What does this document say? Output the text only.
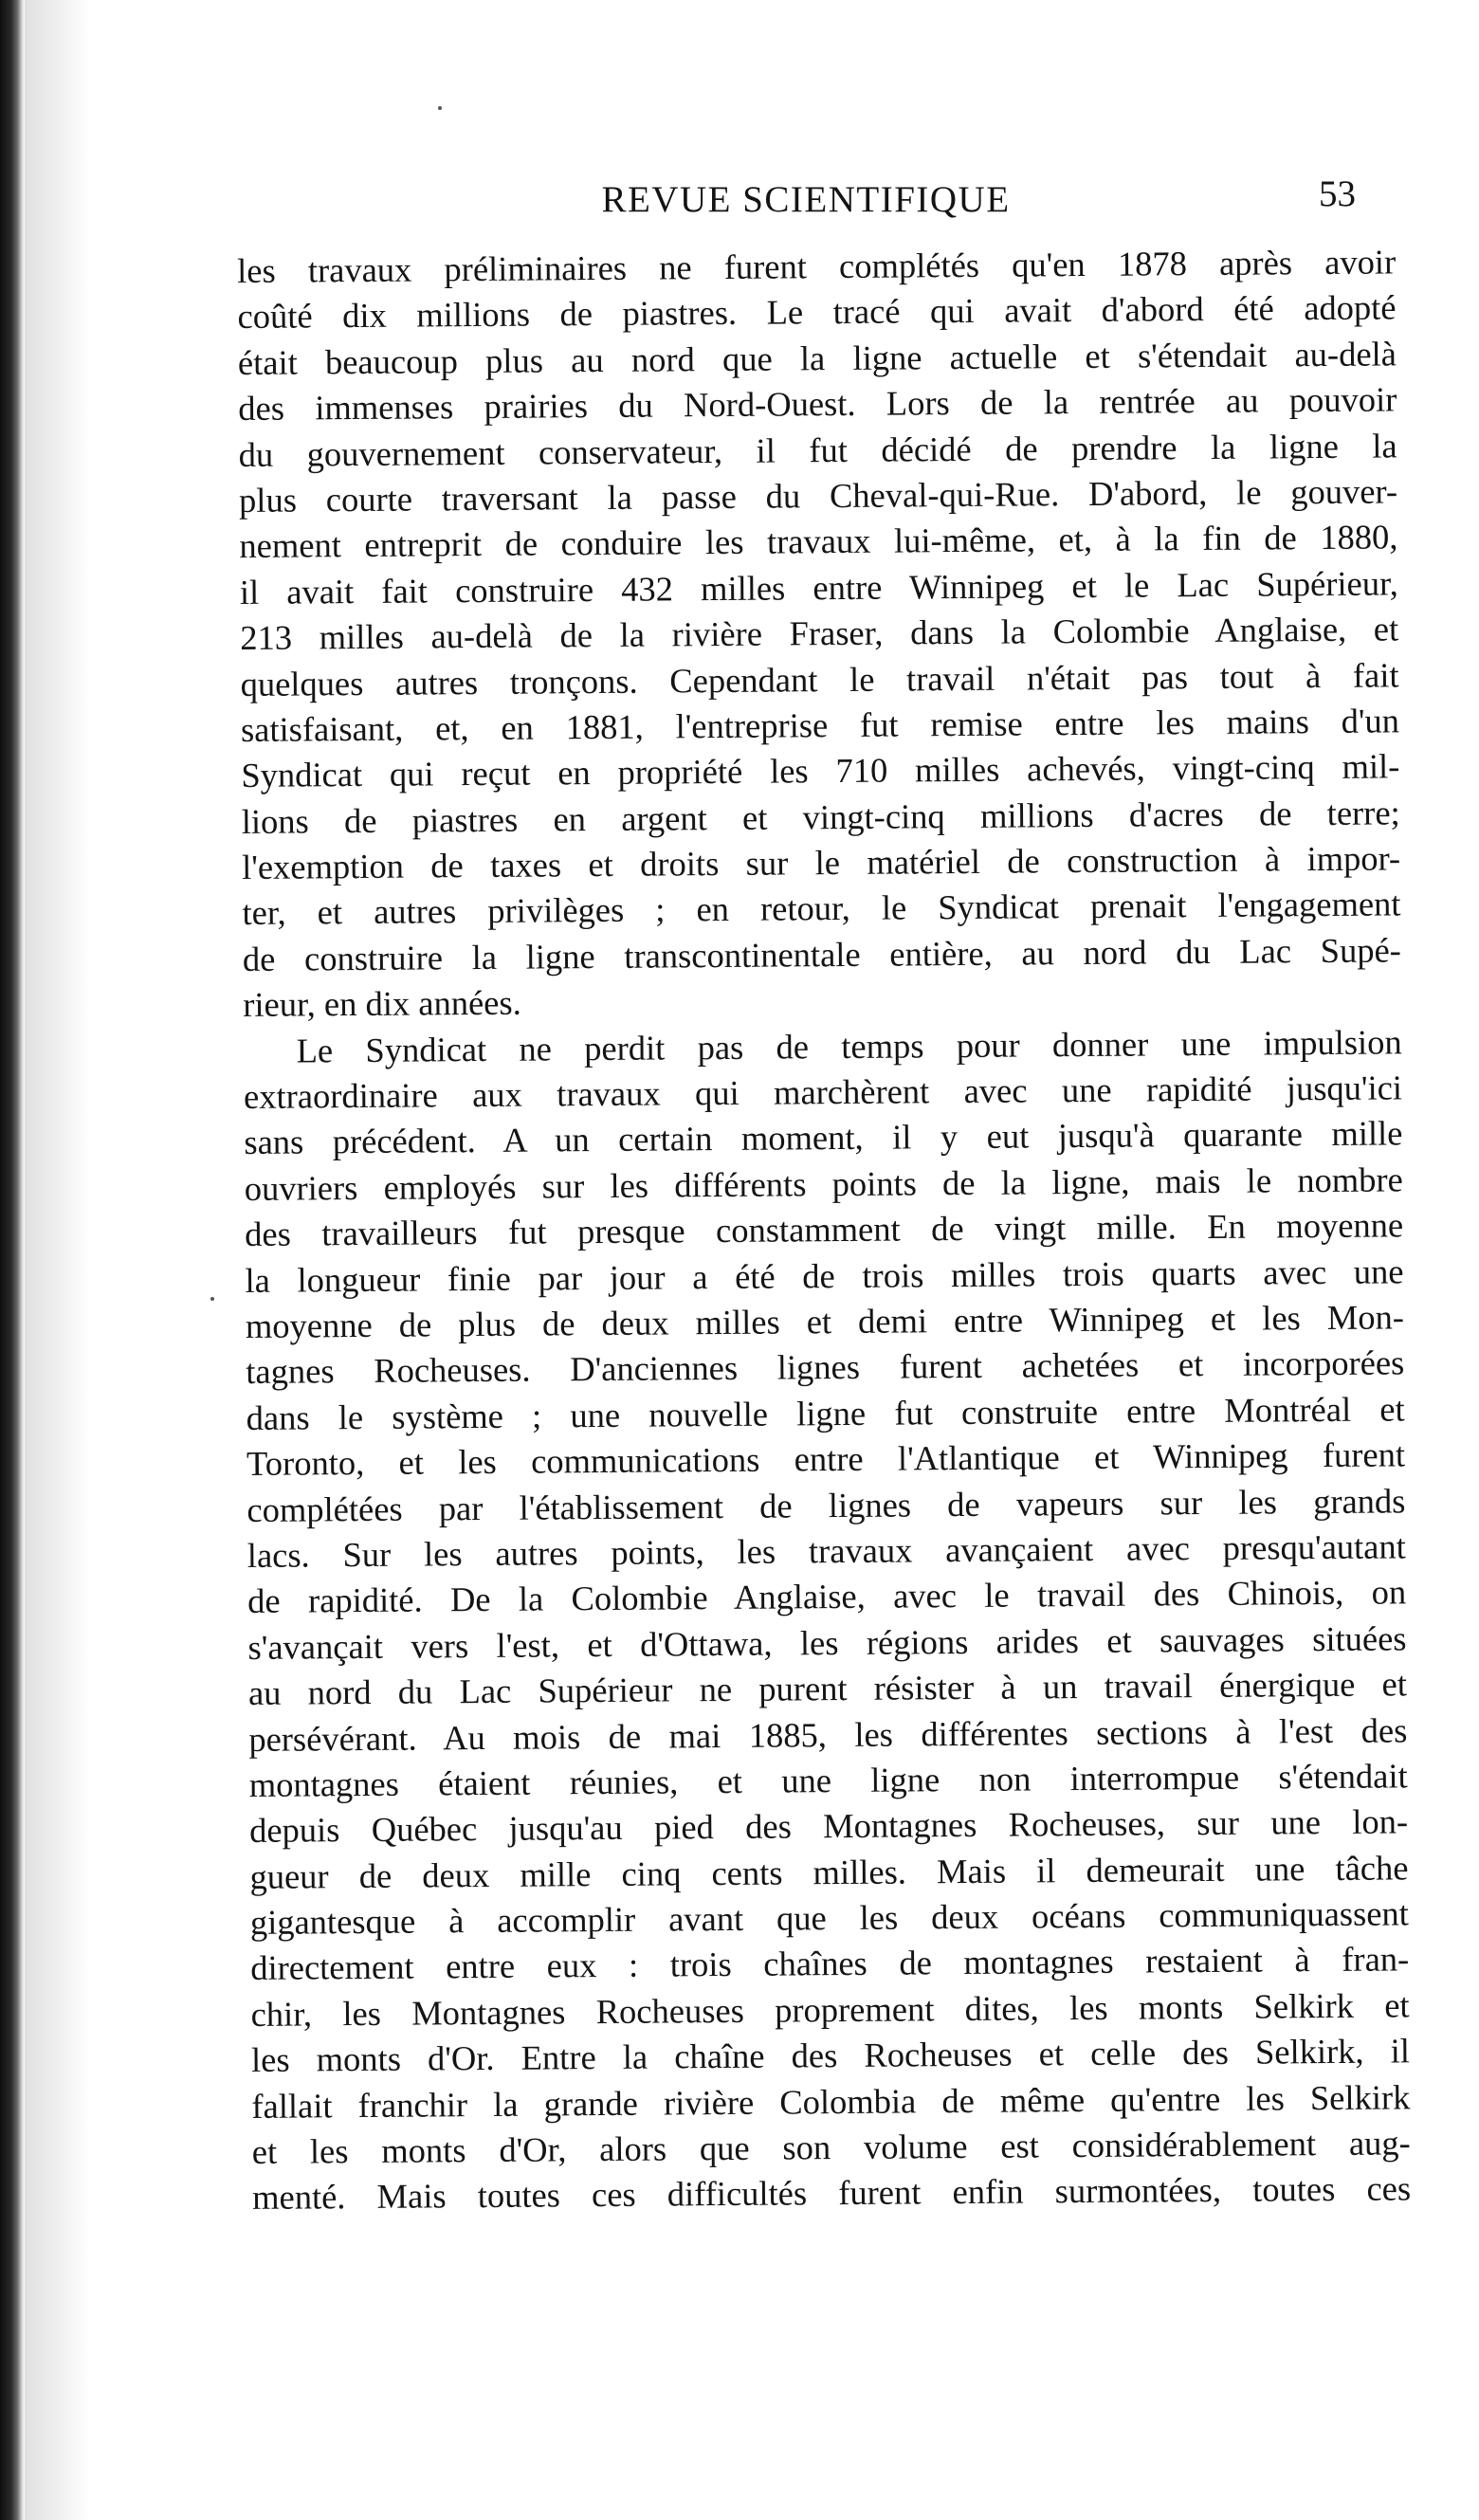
REVUE SCIENTIFIQUE	53
les travaux préliminaires ne furent complétés qu'en 1878 après avoir
coûté dix millions de piastres. Le tracé qui avait d'abord été adopté
était beaucoup plus au nord que la ligne actuelle et s'étendait au-delà
des immenses prairies du Nord-Ouest. Lors de la rentrée au pouvoir
du gouvernement conservateur, il fut décidé de prendre la ligne la
plus courte traversant la passe du Cheval-qui-Rue. D'abord, le gouver-
nement entreprit de conduire les travaux lui-même, et, à la fin de 1880,
il avait fait construire 432 milles entre Winnipeg et le Lac Supérieur,
213 milles au-delà de la rivière Fraser, dans la Colombie Anglaise, et
quelques autres tronçons. Cependant le travail n'était pas tout à fait
satisfaisant, et, en 1881, l'entreprise fut remise entre les mains d'un
Syndicat qui reçut en propriété les 710 milles achevés, vingt-cinq mil-
lions de piastres en argent et vingt-cinq millions d'acres de terre;
l'exemption de taxes et droits sur le matériel de construction à impor-
ter, et autres privilèges ; en retour, le Syndicat prenait l'engagement
de construire la ligne transcontinentale entière, au nord du Lac Supé-
rieur, en dix années.
Le Syndicat ne perdit pas de temps pour donner une impulsion
extraordinaire aux travaux qui marchèrent avec une rapidité jusqu'ici
sans précédent. A un certain moment, il y eut jusqu'à quarante mille
ouvriers employés sur les différents points de la ligne, mais le nombre
des travailleurs fut presque constamment de vingt mille. En moyenne
la longueur finie par jour a été de trois milles trois quarts avec une
moyenne de plus de deux milles et demi entre Winnipeg et les Mon-
tagnes Rocheuses. D'anciennes lignes furent achetées et incorporées
dans le système ; une nouvelle ligne fut construite entre Montréal et
Toronto, et les communications entre l'Atlantique et Winnipeg furent
complétées par l'établissement de lignes de vapeurs sur les grands
lacs. Sur les autres points, les travaux avançaient avec presqu'autant
de rapidité. De la Colombie Anglaise, avec le travail des Chinois, on
s'avançait vers l'est, et d'Ottawa, les régions arides et sauvages situées
au nord du Lac Supérieur ne purent résister à un travail énergique et
persévérant. Au mois de mai 1885, les différentes sections à l'est des
montagnes étaient réunies, et une ligne non interrompue s'étendait
depuis Québec jusqu'au pied des Montagnes Rocheuses, sur une lon-
gueur de deux mille cinq cents milles. Mais il demeurait une tâche
gigantesque à accomplir avant que les deux océans communiquassent
directement entre eux : trois chaînes de montagnes restaient à fran-
chir, les Montagnes Rocheuses proprement dites, les monts Selkirk et
les monts d'Or. Entre la chaîne des Rocheuses et celle des Selkirk, il
fallait franchir la grande rivière Colombia de même qu'entre les Selkirk
et les monts d'Or, alors que son volume est considérablement aug-
menté. Mais toutes ces difficultés furent enfin surmontées, toutes ces
